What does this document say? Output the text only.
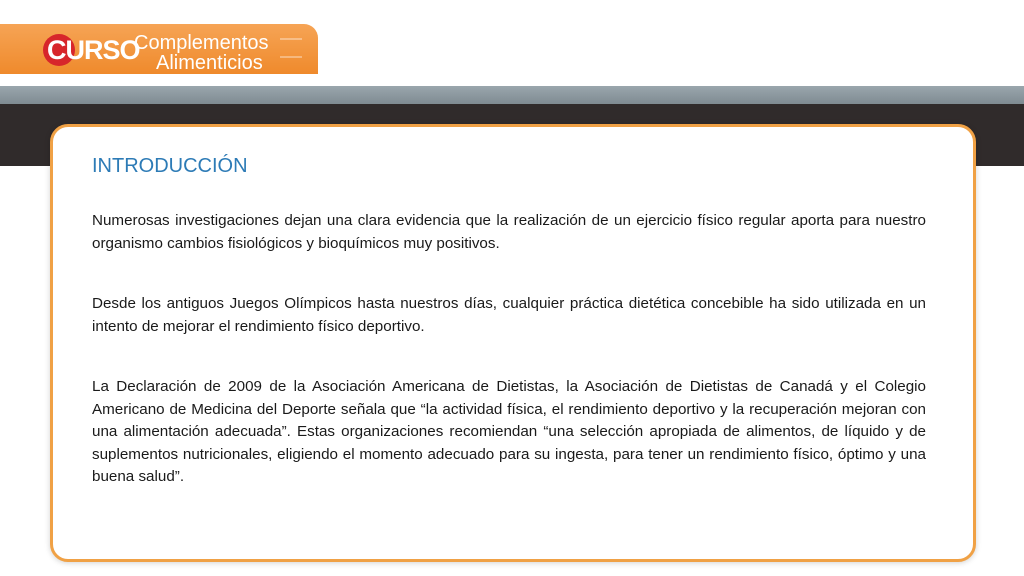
CURSO
Complementos
Alimenticios
INTRODUCCIÓN

Numerosas investigaciones dejan una clara evidencia que la realización de un ejercicio físico regular aporta para nuestro organismo cambios fisiológicos y bioquímicos muy positivos.

Desde los antiguos Juegos Olímpicos hasta nuestros días, cualquier práctica dietética concebible ha sido utilizada en un intento de mejorar el rendimiento físico deportivo.

La Declaración de 2009 de la Asociación Americana de Dietistas, la Asociación de Dietistas de Canadá y el Colegio Americano de Medicina del Deporte señala que “la actividad física, el rendimiento deportivo y la recuperación mejoran con una alimentación adecuada”. Estas organizaciones recomiendan “una selección apropiada de alimentos, de líquido y de suplementos nutricionales, eligiendo el momento adecuado para su ingesta, para tener un rendimiento físico, óptimo y una buena salud”.
